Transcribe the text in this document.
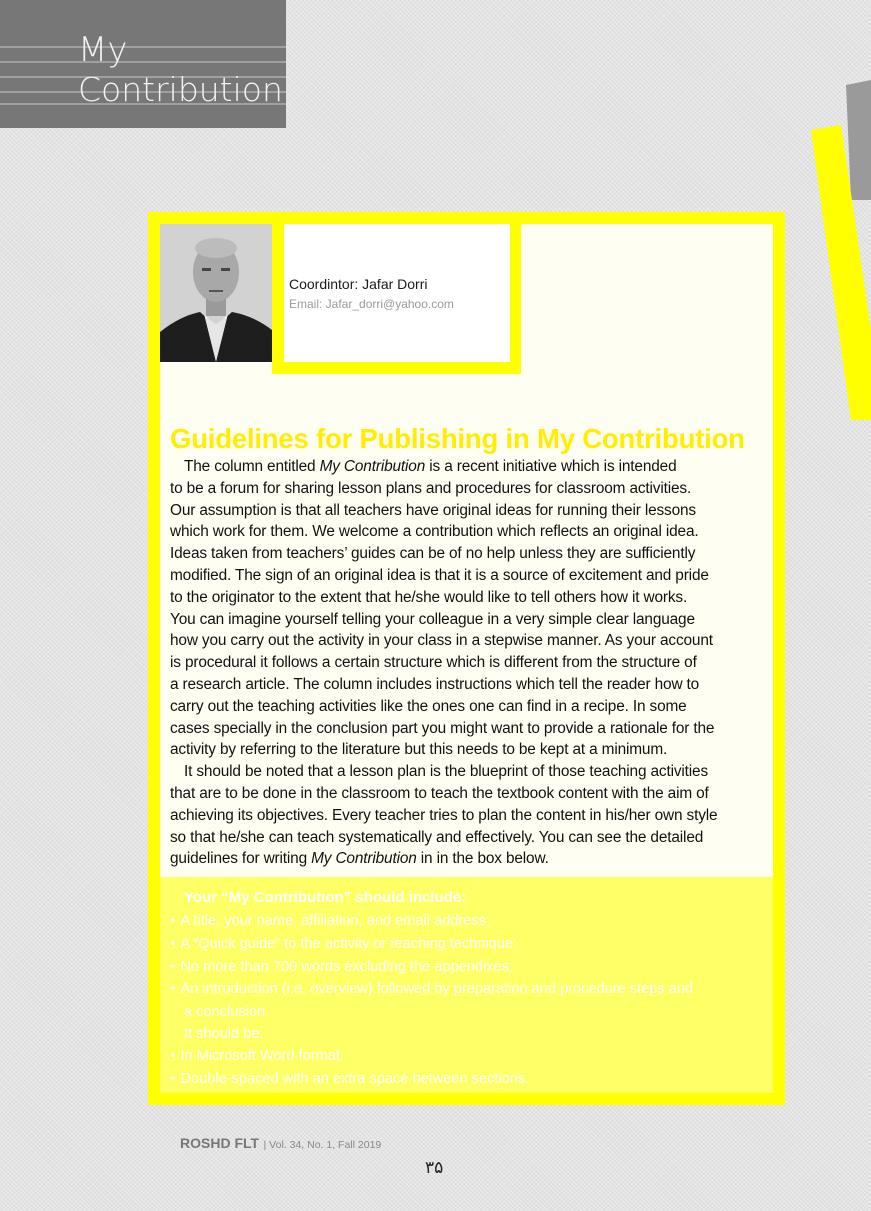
My
Contribution
Coordintor: Jafar Dorri
Email: Jafar_dorri@yahoo.com
Guidelines for Publishing in My Contribution
The column entitled My Contribution is a recent initiative which is intended
to be a forum for sharing lesson plans and procedures for classroom activities.
Our assumption is that all teachers have original ideas for running their lessons
which work for them. We welcome a contribution which reflects an original idea.
Ideas taken from teachers’ guides can be of no help unless they are sufficiently
modified. The sign of an original idea is that it is a source of excitement and pride
to the originator to the extent that he/she would like to tell others how it works.
You can imagine yourself telling your colleague in a very simple clear language
how you carry out the activity in your class in a stepwise manner. As your account
is procedural it follows a certain structure which is different from the structure of
a research article. The column includes instructions which tell the reader how to
carry out the teaching activities like the ones one can find in a recipe. In some
cases specially in the conclusion part you might want to provide a rationale for the
activity by referring to the literature but this needs to be kept at a minimum.
It should be noted that a lesson plan is the blueprint of those teaching activities
that are to be done in the classroom to teach the textbook content with the aim of
achieving its objectives. Every teacher tries to plan the content in his/her own style
so that he/she can teach systematically and effectively. You can see the detailed
guidelines for writing My Contribution in in the box below.
Your “My Contribution” should include:
● A title, your name, affiliation, and email address;
● A “Quick guide” to the activity or teaching technique;
● No more than 700 words excluding the appendixes;
● An introduction (i.e. overview) followed by preparation and procedure steps and
a conclusion.
It should be:
● In Microsoft Word format;
● Double-spaced with an extra space between sections.
ROSHD FLT | Vol. 34, No. 1, Fall 2019
۳۵
